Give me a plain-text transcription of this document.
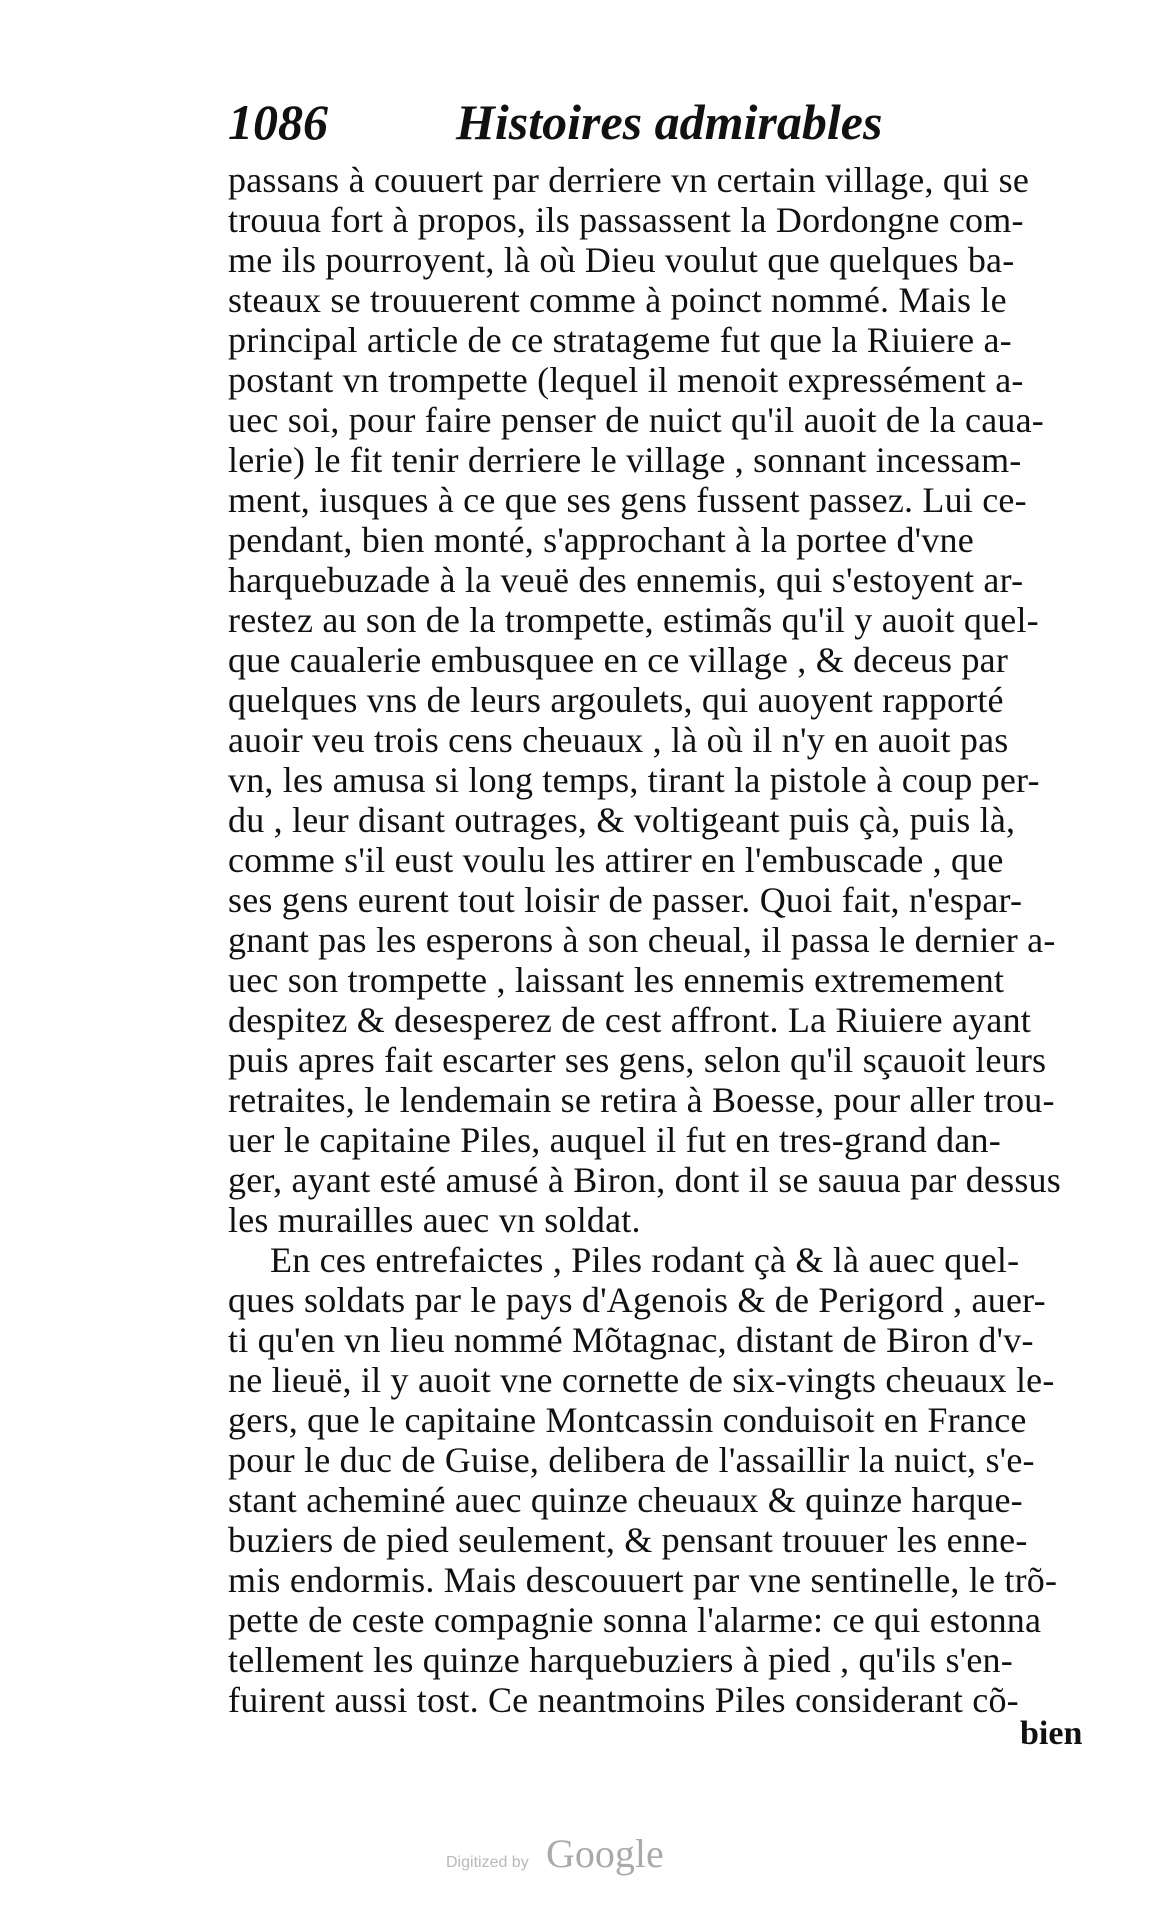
1086	Histoires admirables
passans à couuert par derriere vn certain village, qui se
trouua fort à propos, ils passassent la Dordongne com-
me ils pourroyent, là où Dieu voulut que quelques ba-
steaux se trouuerent comme à poinct nommé. Mais le
principal article de ce stratageme fut que la Riuiere a-
postant vn trompette (lequel il menoit expressément a-
uec soi, pour faire penser de nuict qu'il auoit de la caua-
lerie) le fit tenir derriere le village , sonnant incessam-
ment, iusques à ce que ses gens fussent passez. Lui ce-
pendant, bien monté, s'approchant à la portee d'vne
harquebuzade à la veuë des ennemis, qui s'estoyent ar-
restez au son de la trompette, estimãs qu'il y auoit quel-
que caualerie embusquee en ce village , & deceus par
quelques vns de leurs argoulets, qui auoyent rapporté
auoir veu trois cens cheuaux , là où il n'y en auoit pas
vn, les amusa si long temps, tirant la pistole à coup per-
du , leur disant outrages, & voltigeant puis çà, puis là,
comme s'il eust voulu les attirer en l'embuscade , que
ses gens eurent tout loisir de passer. Quoi fait, n'espar-
gnant pas les esperons à son cheual, il passa le dernier a-
uec son trompette , laissant les ennemis extremement
despitez & desesperez de cest affront. La Riuiere ayant
puis apres fait escarter ses gens, selon qu'il sçauoit leurs
retraites, le lendemain se retira à Boesse, pour aller trou-
uer le capitaine Piles, auquel il fut en tres-grand dan-
ger, ayant esté amusé à Biron, dont il se sauua par dessus
les murailles auec vn soldat.
En ces entrefaictes , Piles rodant çà & là auec quel-
ques soldats par le pays d'Agenois & de Perigord , auer-
ti qu'en vn lieu nommé Mõtagnac, distant de Biron d'v-
ne lieuë, il y auoit vne cornette de six-vingts cheuaux le-
gers, que le capitaine Montcassin conduisoit en France
pour le duc de Guise, delibera de l'assaillir la nuict, s'e-
stant acheminé auec quinze cheuaux & quinze harque-
buziers de pied seulement, & pensant trouuer les enne-
mis endormis. Mais descouuert par vne sentinelle, le trõ-
pette de ceste compagnie sonna l'alarme: ce qui estonna
tellement les quinze harquebuziers à pied , qu'ils s'en-
fuirent aussi tost. Ce neantmoins Piles considerant cõ-
bien
Digitized by Google
